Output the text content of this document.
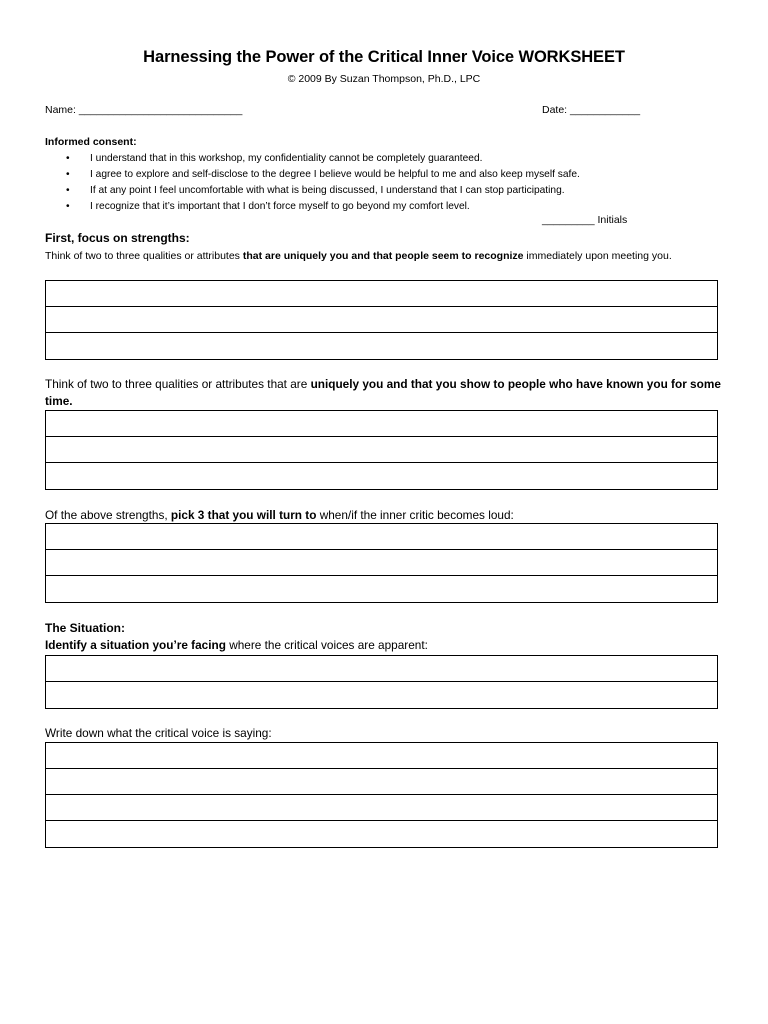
Harnessing the Power of the Critical Inner Voice WORKSHEET
© 2009 By Suzan Thompson, Ph.D., LPC
Name: ____________________________	Date: ____________
Informed consent:
• I understand that in this workshop, my confidentiality cannot be completely guaranteed.
• I agree to explore and self-disclose to the degree I believe would be helpful to me and also keep myself safe.
• If at any point I feel uncomfortable with what is being discussed, I understand that I can stop participating.
• I recognize that it’s important that I don’t force myself to go beyond my comfort level.
_________ Initials
First, focus on strengths:
Think of two to three qualities or attributes that are uniquely you and that people seem to recognize immediately upon meeting you.
Think of two to three qualities or attributes that are uniquely you and that you show to people who have known you for some time.
Of the above strengths, pick 3 that you will turn to when/if the inner critic becomes loud:
The Situation:
Identify a situation you’re facing where the critical voices are apparent:
Write down what the critical voice is saying:
